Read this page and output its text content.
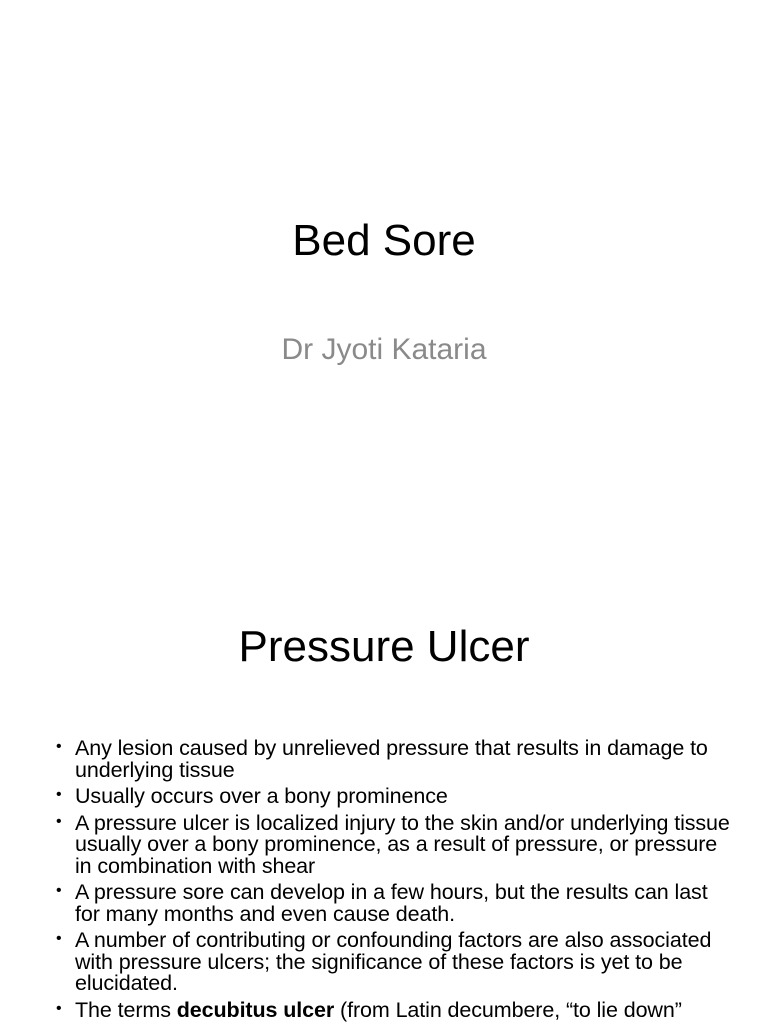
Bed Sore
Dr Jyoti Kataria
Pressure Ulcer
• Any lesion caused by unrelieved pressure that results in damage to underlying tissue
• Usually occurs over a bony prominence
• A pressure ulcer is localized injury to the skin and/or underlying tissue usually over a bony prominence, as a result of pressure, or pressure in combination with shear
• A pressure sore can develop in a few hours, but the results can last for many months and even cause death.
• A number of contributing or confounding factors are also associated with pressure ulcers; the significance of these factors is yet to be elucidated.
• The terms decubitus ulcer (from Latin decumbere, “to lie down”
